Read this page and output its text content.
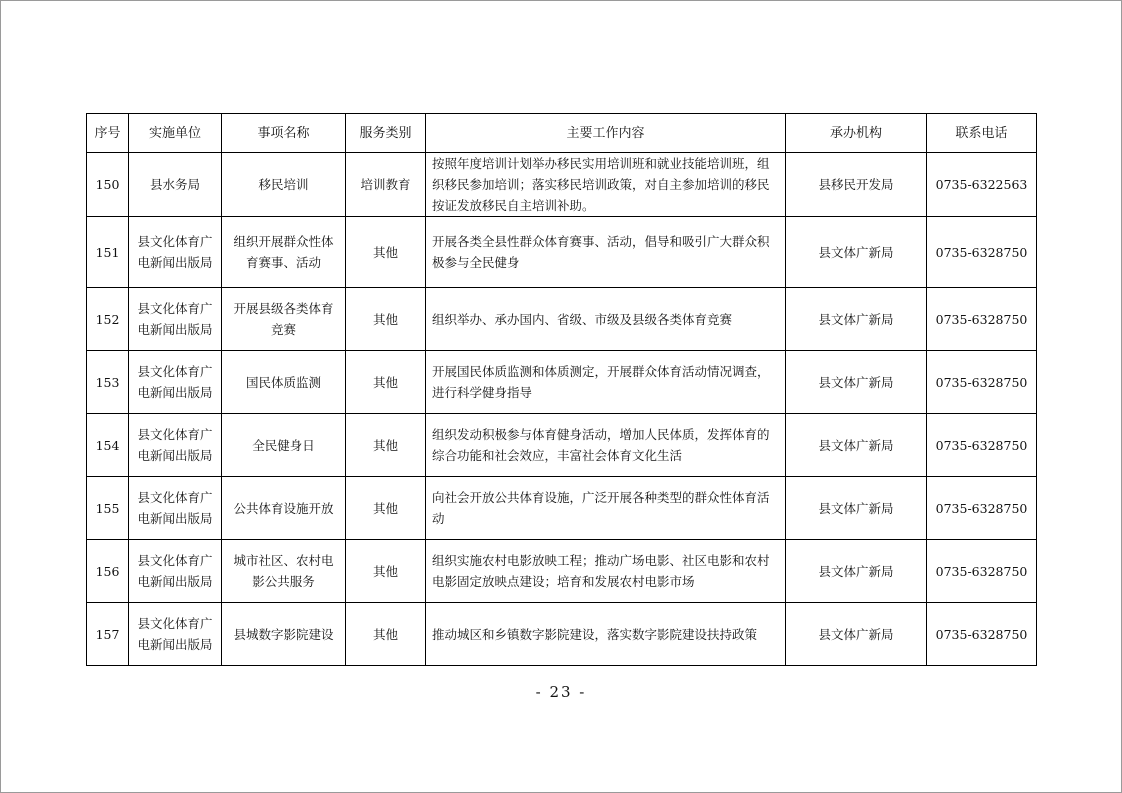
序号	实施单位	事项名称	服务类别	主要工作内容	承办机构	联系电话
150	县水务局	移民培训	培训教育	按照年度培训计划举办移民实用培训班和就业技能培训班，组织移民参加培训；落实移民培训政策，对自主参加培训的移民按证发放移民自主培训补助。	县移民开发局	0735-6322563
151	县文化体育广电新闻出版局	组织开展群众性体育赛事、活动	其他	开展各类全县性群众体育赛事、活动，倡导和吸引广大群众积极参与全民健身	县文体广新局	0735-6328750
152	县文化体育广电新闻出版局	开展县级各类体育竞赛	其他	组织举办、承办国内、省级、市级及县级各类体育竞赛	县文体广新局	0735-6328750
153	县文化体育广电新闻出版局	国民体质监测	其他	开展国民体质监测和体质测定，开展群众体育活动情况调查，进行科学健身指导	县文体广新局	0735-6328750
154	县文化体育广电新闻出版局	全民健身日	其他	组织发动积极参与体育健身活动，增加人民体质，发挥体育的综合功能和社会效应，丰富社会体育文化生活	县文体广新局	0735-6328750
155	县文化体育广电新闻出版局	公共体育设施开放	其他	向社会开放公共体育设施，广泛开展各种类型的群众性体育活动	县文体广新局	0735-6328750
156	县文化体育广电新闻出版局	城市社区、农村电影公共服务	其他	组织实施农村电影放映工程；推动广场电影、社区电影和农村电影固定放映点建设；培育和发展农村电影市场	县文体广新局	0735-6328750
157	县文化体育广电新闻出版局	县城数字影院建设	其他	推动城区和乡镇数字影院建设，落实数字影院建设扶持政策	县文体广新局	0735-6328750
- 23 -
